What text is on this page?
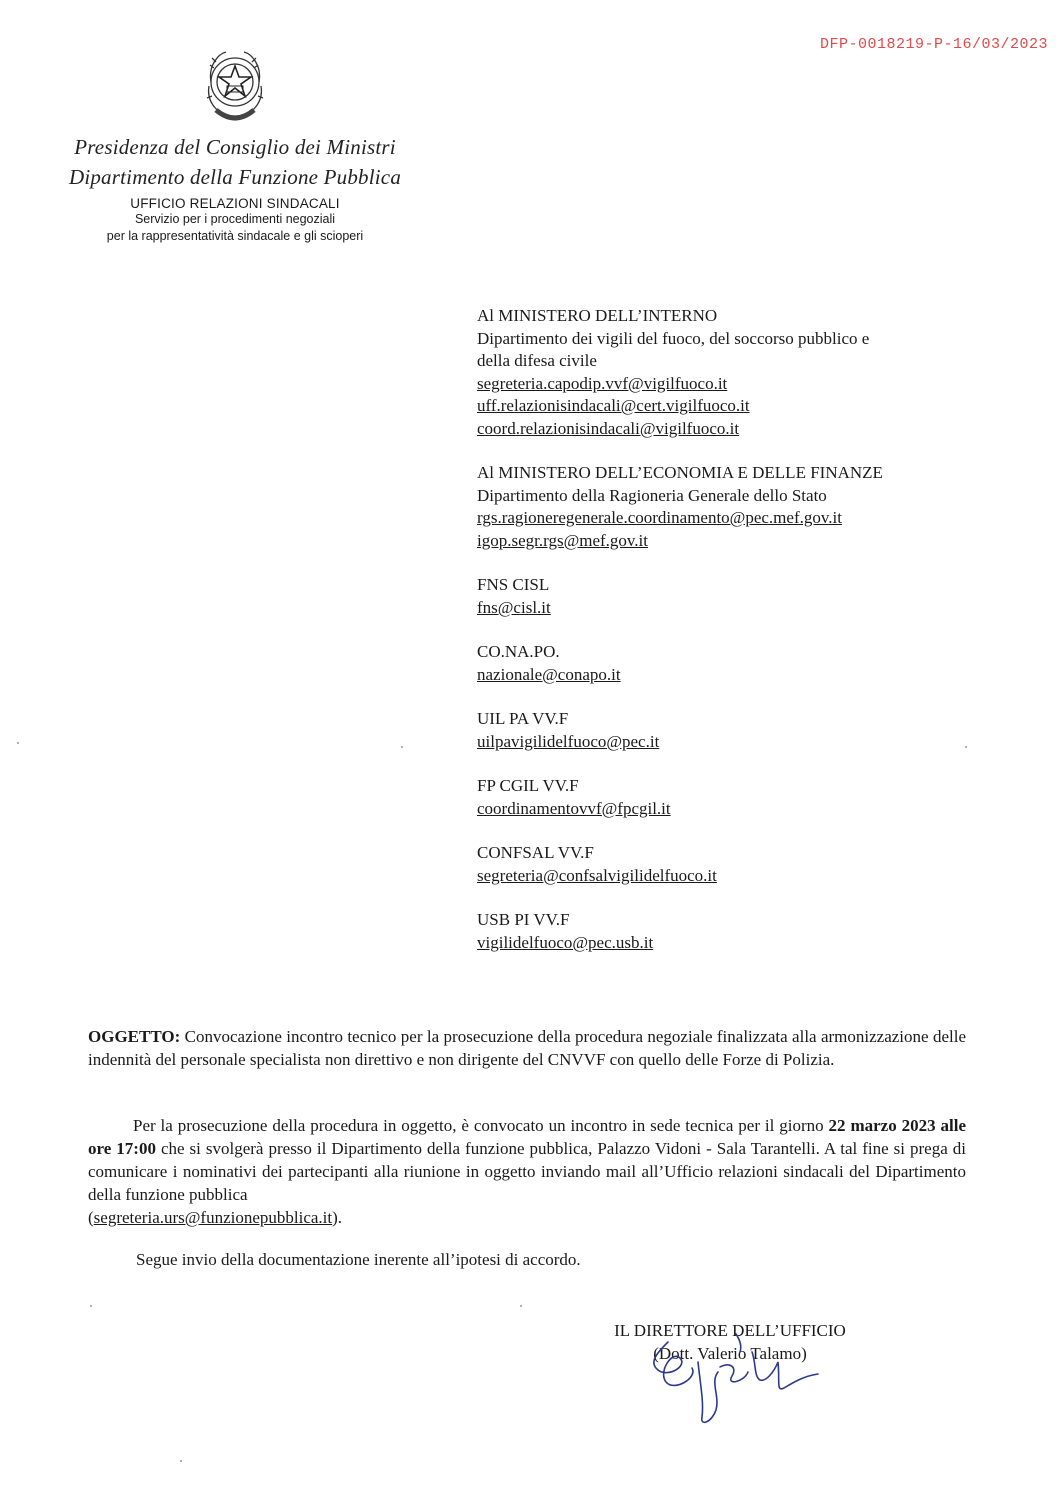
DFP-0018219-P-16/03/2023
Presidenza del Consiglio dei Ministri
Dipartimento della Funzione Pubblica
UFFICIO RELAZIONI SINDACALI
Servizio per i procedimenti negoziali
per la rappresentatività sindacale e gli scioperi
Al MINISTERO DELL’INTERNO
Dipartimento dei vigili del fuoco, del soccorso pubblico e
della difesa civile
segreteria.capodip.vvf@vigilfuoco.it
uff.relazionisindacali@cert.vigilfuoco.it
coord.relazionisindacali@vigilfuoco.it
Al MINISTERO DELL’ECONOMIA E DELLE FINANZE
Dipartimento della Ragioneria Generale dello Stato
rgs.ragioneregenerale.coordinamento@pec.mef.gov.it
igop.segr.rgs@mef.gov.it
FNS CISL
fns@cisl.it
CO.NA.PO.
nazionale@conapo.it
UIL PA VV.F
uilpavigilidelfuoco@pec.it
FP CGIL VV.F
coordinamentovvf@fpcgil.it
CONFSAL VV.F
segreteria@confsalvigilidelfuoco.it
USB PI VV.F
vigilidelfuoco@pec.usb.it
OGGETTO: Convocazione incontro tecnico per la prosecuzione della procedura negoziale finalizzata alla armonizzazione delle indennità del personale specialista non direttivo e non dirigente del CNVVF con quello delle Forze di Polizia.

Per la prosecuzione della procedura in oggetto, è convocato un incontro in sede tecnica per il giorno 22 marzo 2023 alle ore 17:00 che si svolgerà presso il Dipartimento della funzione pubblica, Palazzo Vidoni - Sala Tarantelli. A tal fine si prega di comunicare i nominativi dei partecipanti alla riunione in oggetto inviando mail all’Ufficio relazioni sindacali del Dipartimento della funzione pubblica
(segreteria.urs@funzionepubblica.it).

Segue invio della documentazione inerente all’ipotesi di accordo.
IL DIRETTORE DELL’UFFICIO
(Dott. Valerio Talamo)
